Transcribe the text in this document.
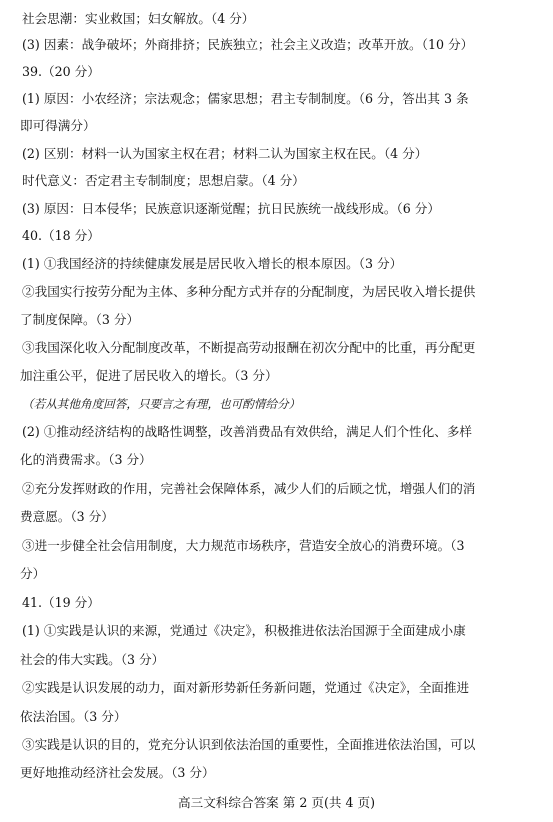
社会思潮：实业救国；妇女解放。（4 分）
(3) 因素：战争破坏；外商排挤；民族独立；社会主义改造；改革开放。（10 分）
39.（20 分）
(1) 原因：小农经济；宗法观念；儒家思想；君主专制制度。（6 分，答出其 3 条
即可得满分）
(2) 区别：材料一认为国家主权在君；材料二认为国家主权在民。（4 分）
时代意义：否定君主专制制度；思想启蒙。（4 分）
(3) 原因：日本侵华；民族意识逐渐觉醒；抗日民族统一战线形成。（6 分）
40.（18 分）
(1) ①我国经济的持续健康发展是居民收入增长的根本原因。（3 分）
②我国实行按劳分配为主体、多种分配方式并存的分配制度，为居民收入增长提供
了制度保障。（3 分）
③我国深化收入分配制度改革，不断提高劳动报酬在初次分配中的比重，再分配更
加注重公平，促进了居民收入的增长。（3 分）
（若从其他角度回答，只要言之有理，也可酌情给分）
(2) ①推动经济结构的战略性调整，改善消费品有效供给，满足人们个性化、多样
化的消费需求。（3 分）
②充分发挥财政的作用，完善社会保障体系，减少人们的后顾之忧，增强人们的消
费意愿。（3 分）
③进一步健全社会信用制度，大力规范市场秩序，营造安全放心的消费环境。（3
分）
41.（19 分）
(1) ①实践是认识的来源，党通过《决定》，积极推进依法治国源于全面建成小康
社会的伟大实践。（3 分）
②实践是认识发展的动力，面对新形势新任务新问题，党通过《决定》，全面推进
依法治国。（3 分）
③实践是认识的目的，党充分认识到依法治国的重要性，全面推进依法治国，可以
更好地推动经济社会发展。（3 分）
高三文科综合答案 第 2 页(共 4 页)
